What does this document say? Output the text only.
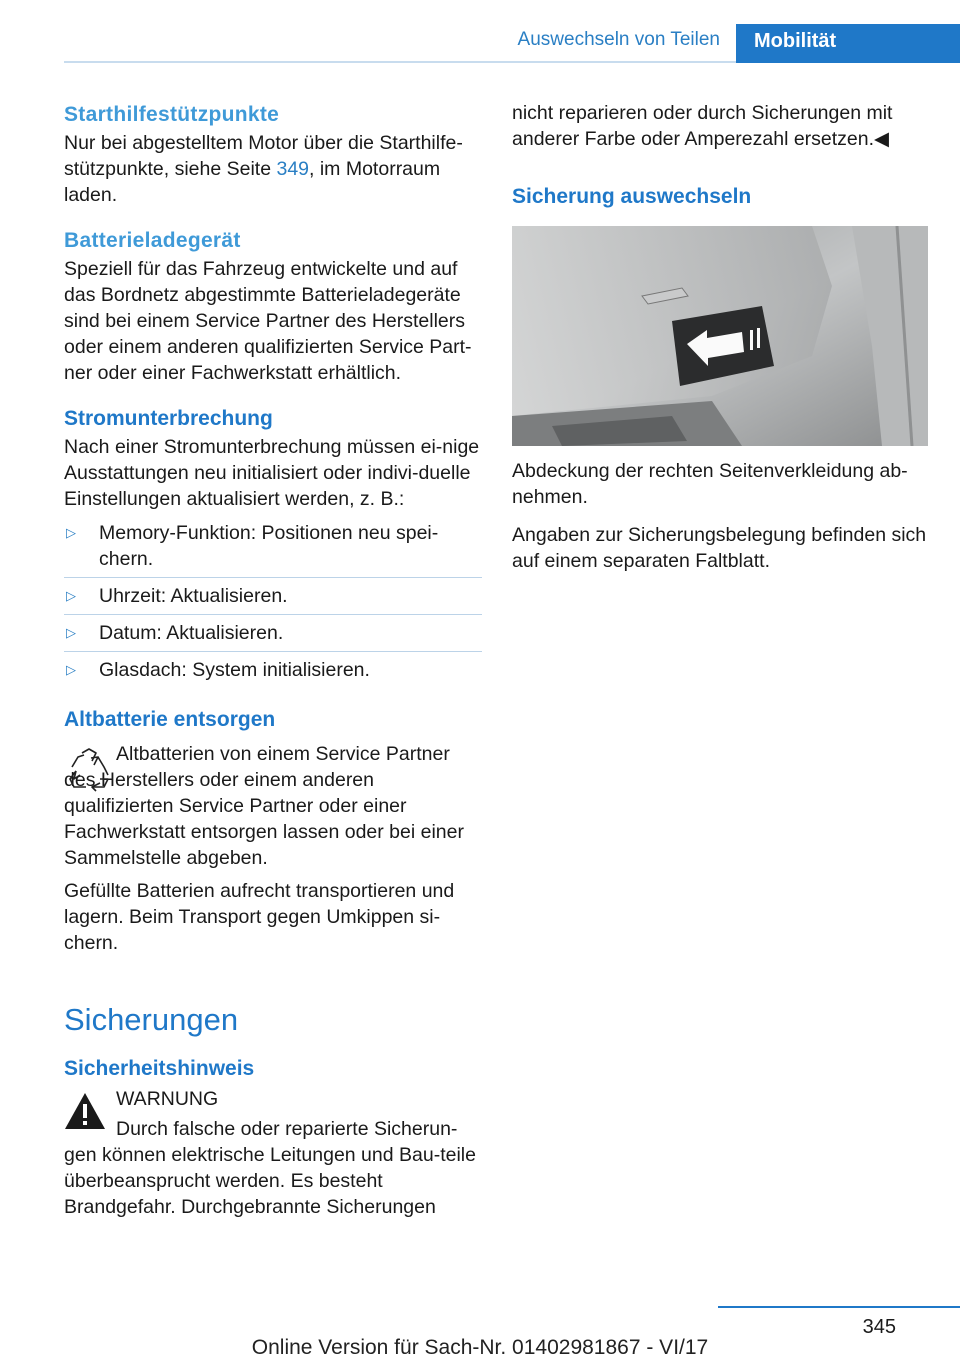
Auswechseln von Teilen	Mobilität
Starthilfestützpunkte

Nur bei abgestelltem Motor über die Starthilfe-stützpunkte, siehe Seite 349, im Motorraum laden.

Batterieladegerät

Speziell für das Fahrzeug entwickelte und auf das Bordnetz abgestimmte Batterieladegeräte sind bei einem Service Partner des Herstellers oder einem anderen qualifizierten Service Part-ner oder einer Fachwerkstatt erhältlich.

Stromunterbrechung

Nach einer Stromunterbrechung müssen ei-nige Ausstattungen neu initialisiert oder indivi-duelle Einstellungen aktualisiert werden, z. B.:

▷ Memory-Funktion: Positionen neu spei-chern.
▷ Uhrzeit: Aktualisieren.
▷ Datum: Aktualisieren.
▷ Glasdach: System initialisieren.
Altbatterie entsorgen

Altbatterien von einem Service Partner des Herstellers oder einem anderen qualifizierten Service Partner oder einer Fachwerkstatt entsorgen lassen oder bei einer Sammelstelle abgeben.

Gefüllte Batterien aufrecht transportieren und lagern. Beim Transport gegen Umkippen si-chern.

Sicherungen
Sicherheitshinweis

WARNUNG

Durch falsche oder reparierte Sicherun-gen können elektrische Leitungen und Bau-teile überbeansprucht werden. Es besteht Brandgefahr. Durchgebrannte Sicherungen

nicht reparieren oder durch Sicherungen mit anderer Farbe oder Amperezahl ersetzen.◀

Sicherung auswechseln

Abdeckung der rechten Seitenverkleidung ab-nehmen.

Angaben zur Sicherungsbelegung befinden sich auf einem separaten Faltblatt.

345
Online Version für Sach-Nr. 01402981867 - VI/17
